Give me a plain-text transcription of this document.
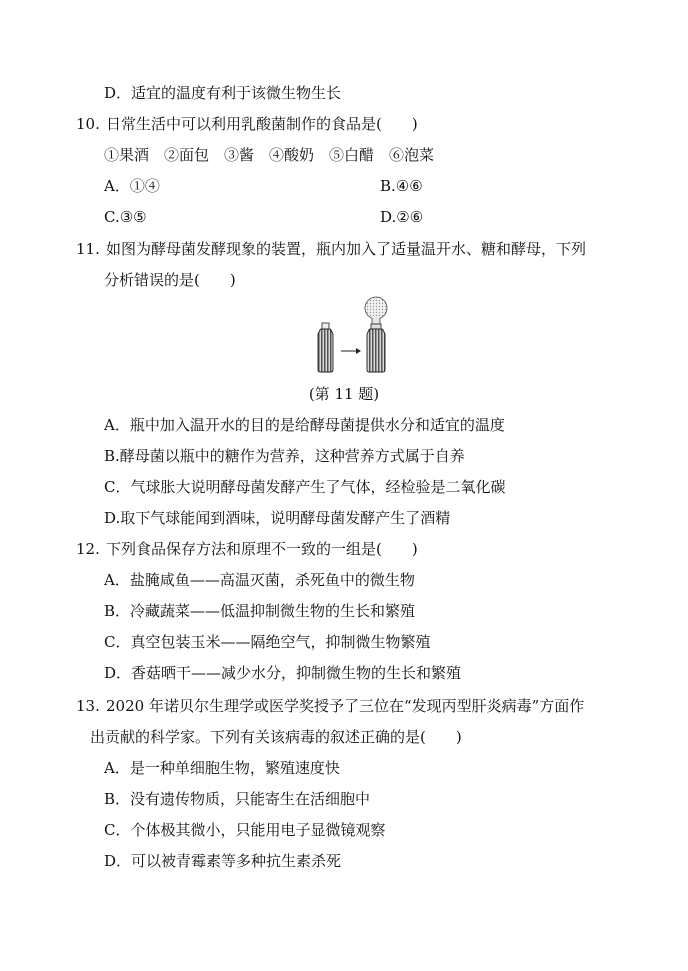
D．适宜的温度有利于该微生物生长
10. 日常生活中可以利用乳酸菌制作的食品是(　　)
①果酒　②面包　③酱　④酸奶　⑤白醋　⑥泡菜
A．①④	B.④⑥
C.③⑤	D.②⑥
11. 如图为酵母菌发酵现象的装置，瓶内加入了适量温开水、糖和酵母，下列
分析错误的是(　　)
(第 11 题)
A．瓶中加入温开水的目的是给酵母菌提供水分和适宜的温度
B.酵母菌以瓶中的糖作为营养，这种营养方式属于自养
C．气球胀大说明酵母菌发酵产生了气体，经检验是二氧化碳
D.取下气球能闻到酒味，说明酵母菌发酵产生了酒精
12. 下列食品保存方法和原理不一致的一组是(　　)
A．盐腌咸鱼——高温灭菌，杀死鱼中的微生物
B．冷藏蔬菜——低温抑制微生物的生长和繁殖
C．真空包装玉米——隔绝空气，抑制微生物繁殖
D．香菇晒干——减少水分，抑制微生物的生长和繁殖
13. 2020 年诺贝尔生理学或医学奖授予了三位在“发现丙型肝炎病毒”方面作
出贡献的科学家。下列有关该病毒的叙述正确的是(　　)
A．是一种单细胞生物，繁殖速度快
B．没有遗传物质，只能寄生在活细胞中
C．个体极其微小，只能用电子显微镜观察
D．可以被青霉素等多种抗生素杀死
